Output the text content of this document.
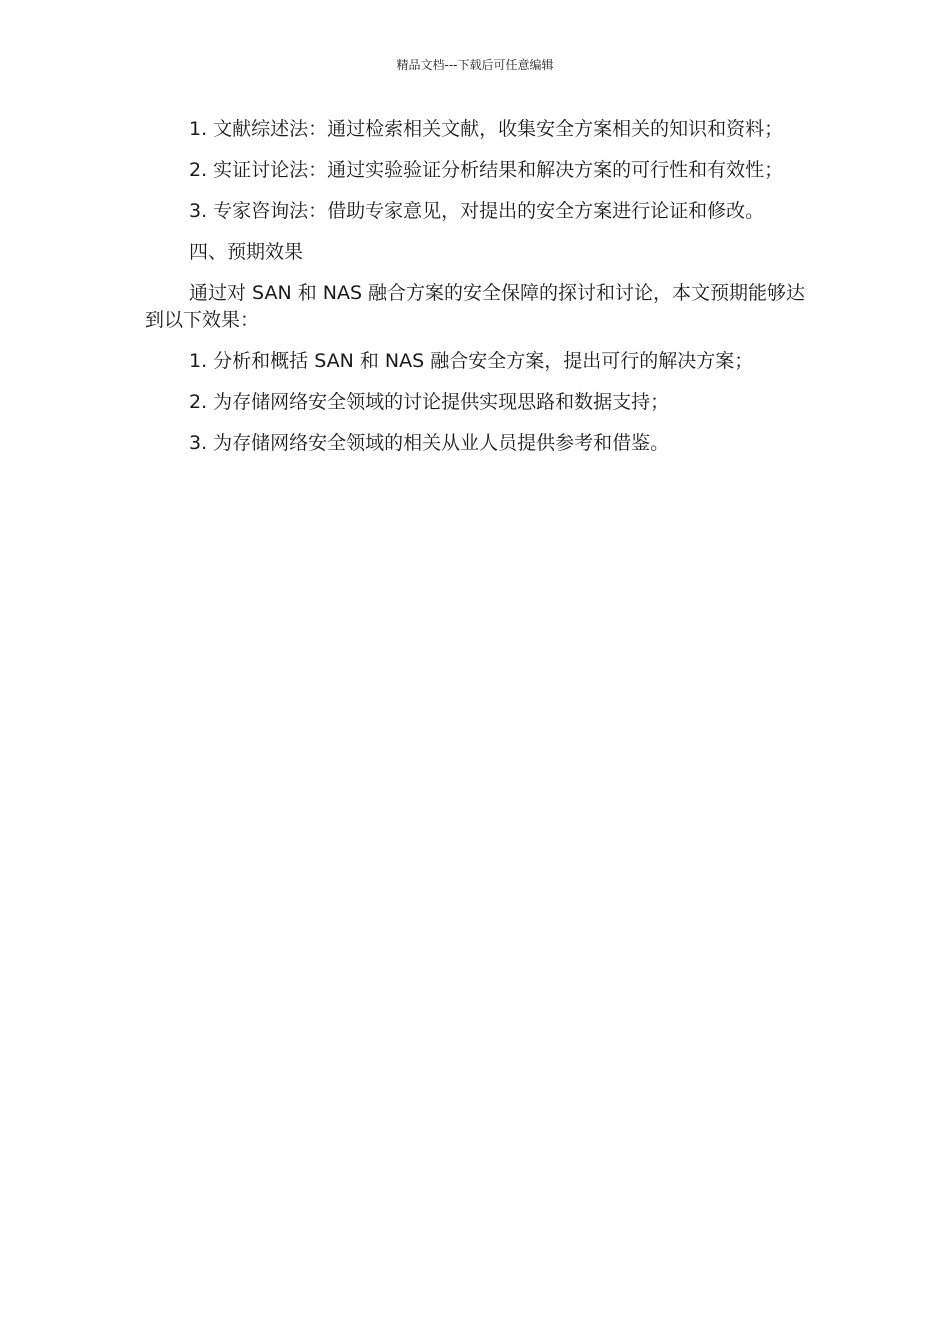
精品文档---下载后可任意编辑

1. 文献综述法：通过检索相关文献，收集安全方案相关的知识和资料；

2. 实证讨论法：通过实验验证分析结果和解决方案的可行性和有效性；

3. 专家咨询法：借助专家意见，对提出的安全方案进行论证和修改。

四、预期效果

通过对 SAN 和 NAS 融合方案的安全保障的探讨和讨论，本文预期能够达到以下效果：

1. 分析和概括 SAN 和 NAS 融合安全方案，提出可行的解决方案；

2. 为存储网络安全领域的讨论提供实现思路和数据支持；

3. 为存储网络安全领域的相关从业人员提供参考和借鉴。
